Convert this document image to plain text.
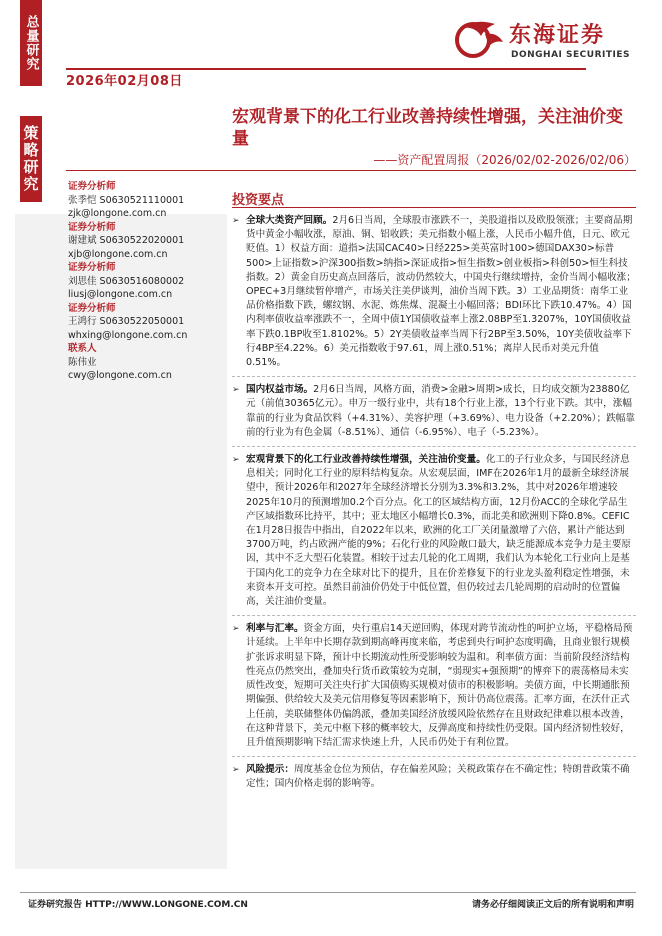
总量研究
策略研究
2026年02月08日
东海证券
DONGHAI SECURITIES
宏观背景下的化工行业改善持续性增强，关注油价变量
——资产配置周报（2026/02/02-2026/02/06）
证券分析师
张季恺 S0630521110001
zjk@longone.com.cn
证券分析师
谢建斌 S0630522020001
xjb@longone.com.cn
证券分析师
刘思佳 S0630516080002
liusj@longone.com.cn
证券分析师
王鸿行 S0630522050001
whxing@longone.com.cn
联系人
陈伟业
cwy@longone.com.cn
投资要点
➢ 全球大类资产回顾。2月6日当周，全球股市涨跌不一，美股道指以及欧股领涨；主要商品期货中黄金小幅收涨，原油、铜、铝收跌；美元指数小幅上涨，人民币小幅升值，日元、欧元贬值。1）权益方面：道指>法国CAC40>日经225>美英富时100>德国DAX30>标普500>上证指数>沪深300指数>纳指>深证成指>恒生指数>创业板指>科创50>恒生科技指数。2）黄金自历史高点回落后，波动仍然较大，中国央行继续增持，金价当周小幅收涨；OPEC+3月继续暂停增产，市场关注美伊谈判，油价当周下跌。3）工业品期货：南华工业品价格指数下跌，螺纹钢、水泥、炼焦煤、混凝土小幅回落；BDI环比下跌10.47%。4）国内利率债收益率涨跌不一，全周中债1Y国债收益率上涨2.08BP至1.3207%，10Y国债收益率下跌0.1BP收至1.8102%。5）2Y美债收益率当周下行2BP至3.50%，10Y美债收益率下行4BP至4.22%。6）美元指数收于97.61，周上涨0.51%；离岸人民币对美元升值0.51%。
➢ 国内权益市场。2月6日当周，风格方面，消费>金融>周期>成长，日均成交额为23880亿元（前值30365亿元）。申万一级行业中，共有18个行业上涨，13个行业下跌。其中，涨幅靠前的行业为食品饮料（+4.31%）、美容护理（+3.69%）、电力设备（+2.20%）；跌幅靠前的行业为有色金属（-8.51%）、通信（-6.95%）、电子（-5.23%）。
➢ 宏观背景下的化工行业改善持续性增强，关注油价变量。化工的子行业众多，与国民经济息息相关；同时化工行业的原料结构复杂。从宏观层面，IMF在2026年1月的最新全球经济展望中，预计2026年和2027年全球经济增长分别为3.3%和3.2%，其中对2026年增速较2025年10月的预测增加0.2个百分点。化工的区域结构方面，12月份ACC的全球化学品生产区域指数环比持平，其中；亚太地区小幅增长0.3%，而北美和欧洲则下降0.8%。CEFIC在1月28日报告中指出，自2022年以来，欧洲的化工厂关闭量激增了六倍，累计产能达到3700万吨，约占欧洲产能的9%；石化行业的风险敞口最大，缺乏能源成本竞争力是主要原因，其中不乏大型石化装置。相较于过去几轮的化工周期，我们认为本轮化工行业向上是基于国内化工的竞争力在全球对比下的提升，且在价差修复下的行业龙头盈利稳定性增强，未来资本开支可控。虽然目前油价仍处于中低位置，但仍较过去几轮周期的启动时的位置偏高，关注油价变量。
➢ 利率与汇率。资金方面，央行重启14天逆回购，体现对跨节流动性的呵护立场，平稳格局预计延续。上半年中长期存款到期高峰再度来临，考虑到央行呵护态度明确，且商业银行规模扩张诉求明显下降，预计中长期流动性所受影响较为温和。利率债方面：当前阶段经济结构性亮点仍然突出，叠加央行货币政策较为克制，“弱现实+强预期”的博弈下的震荡格局未实质性改变，短期可关注央行扩大国债购买规模对债市的积极影响。美债方面，中长期通胀预期偏强、供给较大及美元信用修复等因素影响下，预计仍高位震荡。汇率方面，在沃什正式上任前，美联储整体仍偏鸽派，叠加美国经济放缓风险依然存在且财政纪律难以根本改善，在这种背景下，美元中枢下移的概率较大，反弹高度和持续性仍受限。国内经济韧性较好，且升值预期影响下结汇需求快速上升，人民币仍处于有利位置。
➢ 风险提示：周度基金仓位为预估，存在偏差风险；关税政策存在不确定性；特朗普政策不确定性；国内价格走弱的影响等。
证券研究报告 HTTP://WWW.LONGONE.COM.CN	请务必仔细阅读正文后的所有说明和声明
